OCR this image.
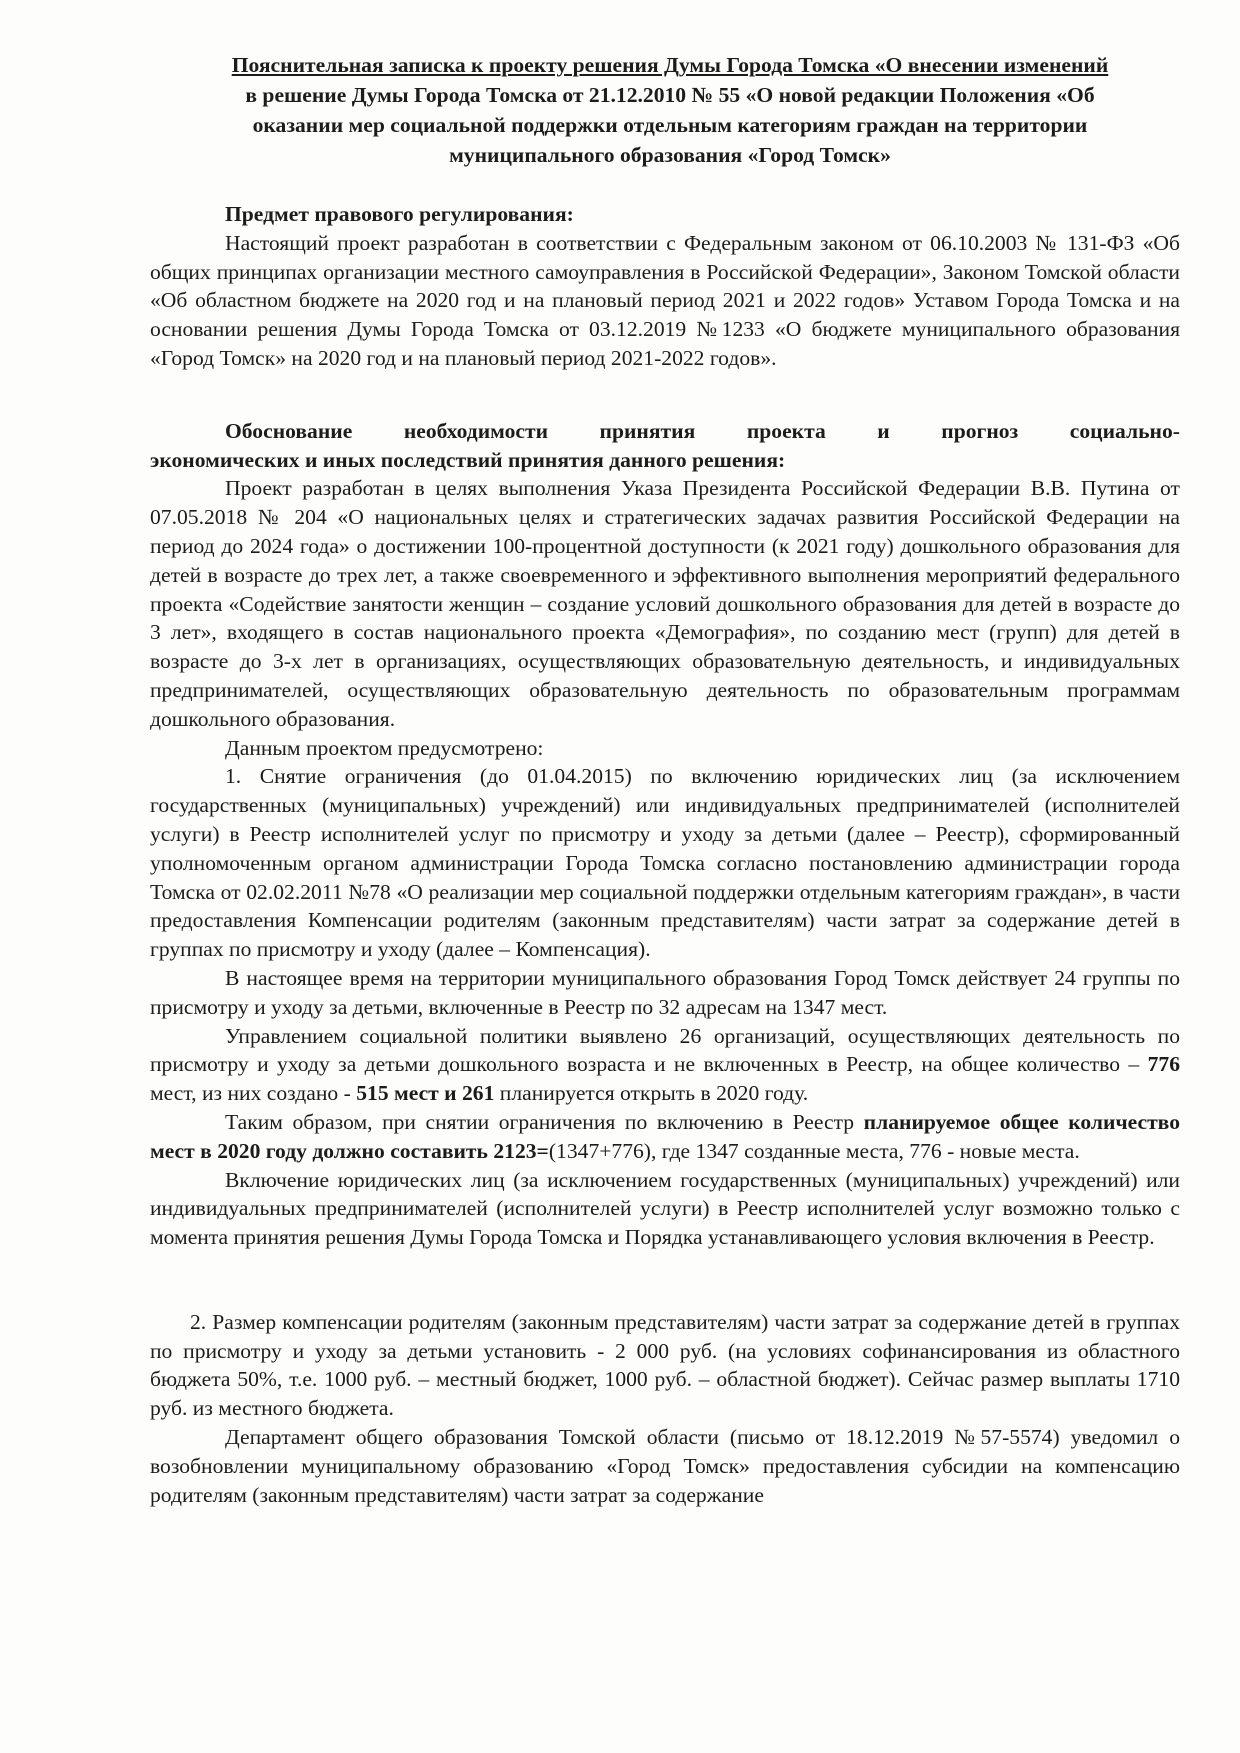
Пояснительная записка к проекту решения Думы Города Томска «О внесении изменений
в решение Думы Города Томска от 21.12.2010 № 55 «О новой редакции Положения «Об
оказании мер социальной поддержки отдельным категориям граждан на территории
муниципального образования «Город Томск»

Предмет правового регулирования:

Настоящий проект разработан в соответствии с Федеральным законом от 06.10.2003 № 131-ФЗ «Об общих принципах организации местного самоуправления в Российской Федерации», Законом Томской области «Об областном бюджете на 2020 год и на плановый период 2021 и 2022 годов» Уставом Города Томска и на основании решения Думы Города Томска от 03.12.2019 №1233 «О бюджете муниципального образования «Город Томск» на 2020 год и на плановый период 2021-2022 годов».

Обоснование необходимости принятия проекта и прогноз социально-

экономических и иных последствий принятия данного решения:

Проект разработан в целях выполнения Указа Президента Российской Федерации В.В. Путина от 07.05.2018 № 204 «О национальных целях и стратегических задачах развития Российской Федерации на период до 2024 года» о достижении 100-процентной доступности (к 2021 году) дошкольного образования для детей в возрасте до трех лет, а также своевременного и эффективного выполнения мероприятий федерального проекта «Содействие занятости женщин – создание условий дошкольного образования для детей в возрасте до 3 лет», входящего в состав национального проекта «Демография», по созданию мест (групп) для детей в возрасте до 3-х лет в организациях, осуществляющих образовательную деятельность, и индивидуальных предпринимателей, осуществляющих образовательную деятельность по образовательным программам дошкольного образования.

Данным проектом предусмотрено:

1. Снятие ограничения (до 01.04.2015) по включению юридических лиц (за исключением государственных (муниципальных) учреждений) или индивидуальных предпринимателей (исполнителей услуги) в Реестр исполнителей услуг по присмотру и уходу за детьми (далее – Реестр), сформированный уполномоченным органом администрации Города Томска согласно постановлению администрации города Томска от 02.02.2011 №78 «О реализации мер социальной поддержки отдельным категориям граждан», в части предоставления Компенсации родителям (законным представителям) части затрат за содержание детей в группах по присмотру и уходу (далее – Компенсация).

В настоящее время на территории муниципального образования Город Томск действует 24 группы по присмотру и уходу за детьми, включенные в Реестр по 32 адресам на 1347 мест.

Управлением социальной политики выявлено 26 организаций, осуществляющих деятельность по присмотру и уходу за детьми дошкольного возраста и не включенных в Реестр, на общее количество – 776 мест, из них создано - 515 мест и 261 планируется открыть в 2020 году.

Таким образом, при снятии ограничения по включению в Реестр планируемое общее количество мест в 2020 году должно составить 2123=(1347+776), где 1347 созданные места, 776 - новые места.

Включение юридических лиц (за исключением государственных (муниципальных) учреждений) или индивидуальных предпринимателей (исполнителей услуги) в Реестр исполнителей услуг возможно только с момента принятия решения Думы Города Томска и Порядка устанавливающего условия включения в Реестр.

2. Размер компенсации родителям (законным представителям) части затрат за содержание детей в группах по присмотру и уходу за детьми установить - 2 000 руб. (на условиях софинансирования из областного бюджета 50%, т.е. 1000 руб. – местный бюджет, 1000 руб. – областной бюджет). Сейчас размер выплаты 1710 руб. из местного бюджета.

Департамент общего образования Томской области (письмо от 18.12.2019 №57-5574) уведомил о возобновлении муниципальному образованию «Город Томск» предоставления субсидии на компенсацию родителям (законным представителям) части затрат за содержание
